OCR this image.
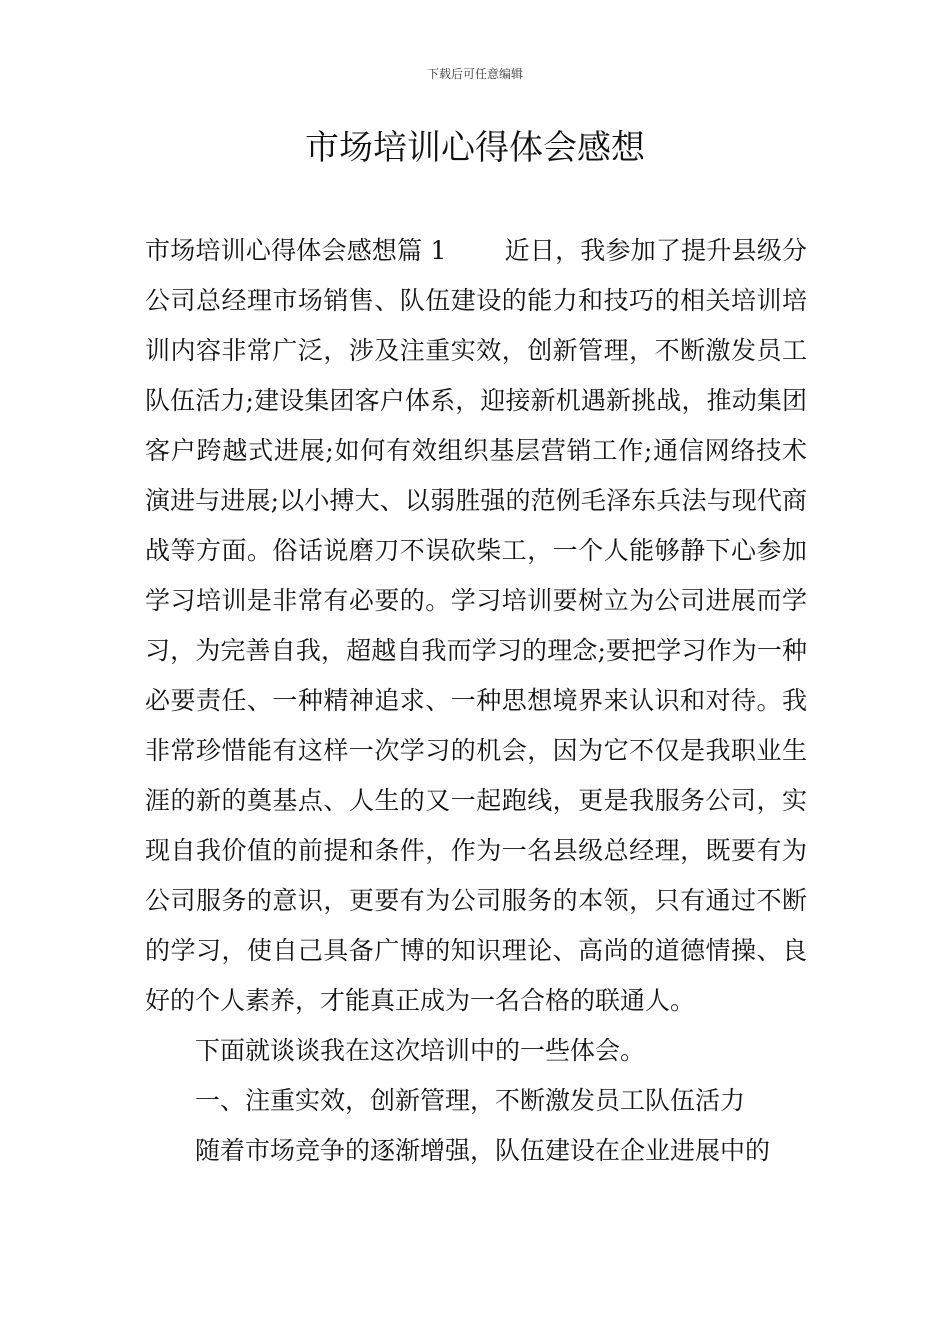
下载后可任意编辑
市场培训心得体会感想

市场培训心得体会感想篇 1 近日，我参加了提升县级分公司总经理市场销售、队伍建设的能力和技巧的相关培训培训内容非常广泛，涉及注重实效，创新管理，不断激发员工队伍活力;建设集团客户体系，迎接新机遇新挑战，推动集团客户跨越式进展;如何有效组织基层营销工作;通信网络技术演进与进展;以小搏大、以弱胜强的范例毛泽东兵法与现代商战等方面。俗话说磨刀不误砍柴工，一个人能够静下心参加学习培训是非常有必要的。学习培训要树立为公司进展而学习，为完善自我，超越自我而学习的理念;要把学习作为一种必要责任、一种精神追求、一种思想境界来认识和对待。我非常珍惜能有这样一次学习的机会，因为它不仅是我职业生涯的新的奠基点、人生的又一起跑线，更是我服务公司，实现自我价值的前提和条件，作为一名县级总经理，既要有为公司服务的意识，更要有为公司服务的本领，只有通过不断的学习，使自己具备广博的知识理论、高尚的道德情操、良好的个人素养，才能真正成为一名合格的联通人。

下面就谈谈我在这次培训中的一些体会。

一、注重实效，创新管理，不断激发员工队伍活力

随着市场竞争的逐渐增强，队伍建设在企业进展中的
